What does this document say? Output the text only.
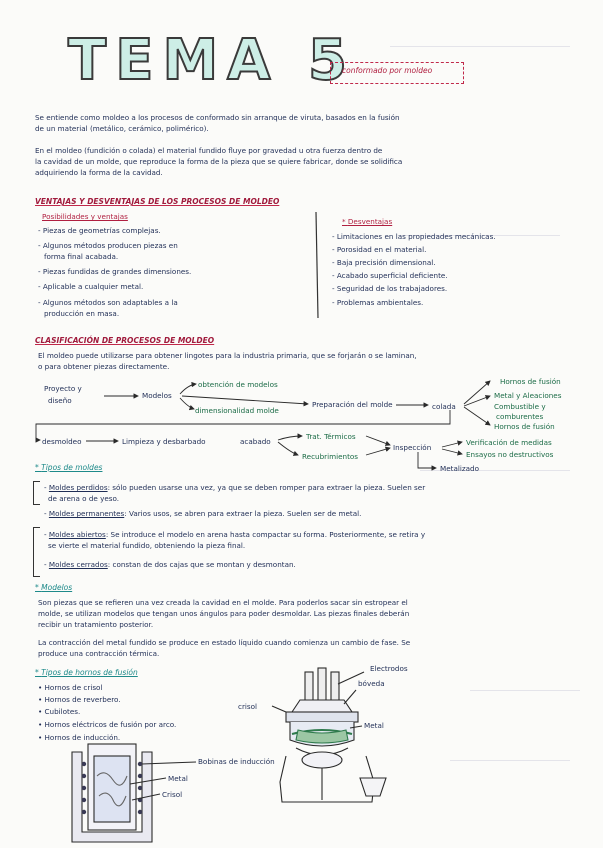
TEMA 5
conformado por moldeo
Se entiende como moldeo a los procesos de conformado sin arranque de viruta, basados en la fusión
de un material (metálico, cerámico, polimérico).
En el moldeo (fundición o colada) el material fundido fluye por gravedad u otra fuerza dentro de
la cavidad de un molde, que reproduce la forma de la pieza que se quiere fabricar, donde se solidifica
adquiriendo la forma de la cavidad.
VENTAJAS Y DESVENTAJAS DE LOS PROCESOS DE MOLDEO
Posibilidades y ventajas
- Piezas de geometrías complejas.
- Algunos métodos producen piezas en
forma final acabada.
- Piezas fundidas de grandes dimensiones.
- Aplicable a cualquier metal.
- Algunos métodos son adaptables a la
producción en masa.
* Desventajas
- Limitaciones en las propiedades mecánicas.
- Porosidad en el material.
- Baja precisión dimensional.
- Acabado superficial deficiente.
- Seguridad de los trabajadores.
- Problemas ambientales.
CLASIFICACIÓN DE PROCESOS DE MOLDEO
El moldeo puede utilizarse para obtener lingotes para la industria primaria, que se forjarán o se laminan,
o para obtener piezas directamente.
Proyecto y
diseño
Modelos
obtención de modelos
dimensionalidad molde
Preparación del molde	colada
Hornos de fusión
Metal y Aleaciones
Combustible y
comburentes
Hornos de fusión
desmoldeo	Limpieza y desbarbado	acabado
Trat. Térmicos
Recubrimientos
Inspección
Verificación de medidas
Ensayos no destructivos
Metalizado
* Tipos de moldes
- Moldes perdidos: sólo pueden usarse una vez, ya que se deben romper para extraer la pieza. Suelen ser
de arena o de yeso.
- Moldes permanentes: Varios usos, se abren para extraer la pieza. Suelen ser de metal.
- Moldes abiertos: Se introduce el modelo en arena hasta compactar su forma. Posteriormente, se retira y
se vierte el material fundido, obteniendo la pieza final.
- Moldes cerrados: constan de dos cajas que se montan y desmontan.
* Modelos
Son piezas que se refieren una vez creada la cavidad en el molde. Para poderlos sacar sin estropear el
molde, se utilizan modelos que tengan unos ángulos para poder desmoldar. Las piezas finales deberán
recibir un tratamiento posterior.
La contracción del metal fundido se produce en estado líquido cuando comienza un cambio de fase. Se
produce una contracción térmica.
* Tipos de hornos de fusión
• Hornos de crisol
• Hornos de reverbero.
• Cubilotes.
• Hornos eléctricos de fusión por arco.
• Hornos de inducción.
Bobinas de inducción
Metal
Crisol
Electrodos
bóveda
crisol
Metal
